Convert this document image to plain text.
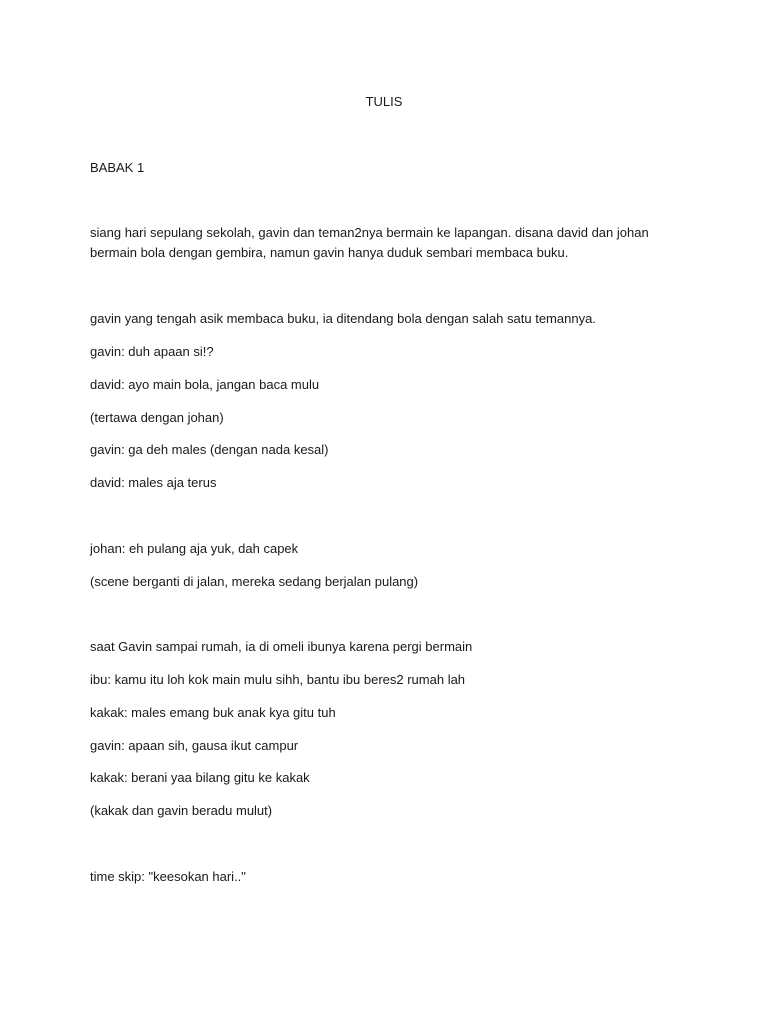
TULIS
BABAK 1
siang hari sepulang sekolah, gavin dan teman2nya bermain ke lapangan. disana david dan johan bermain bola dengan gembira, namun gavin hanya duduk sembari membaca buku.
gavin yang tengah asik membaca buku, ia ditendang bola dengan salah satu temannya.
gavin: duh apaan si!?
david: ayo main bola, jangan baca mulu
(tertawa dengan johan)
gavin: ga deh males (dengan nada kesal)
david: males aja terus
johan: eh pulang aja yuk, dah capek
(scene berganti di jalan, mereka sedang berjalan pulang)
saat Gavin sampai rumah, ia di omeli ibunya karena pergi bermain
ibu: kamu itu loh kok main mulu sihh, bantu ibu beres2 rumah lah
kakak: males emang buk anak kya gitu tuh
gavin: apaan sih, gausa ikut campur
kakak: berani yaa bilang gitu ke kakak
(kakak dan gavin beradu mulut)
time skip: "keesokan hari.."
